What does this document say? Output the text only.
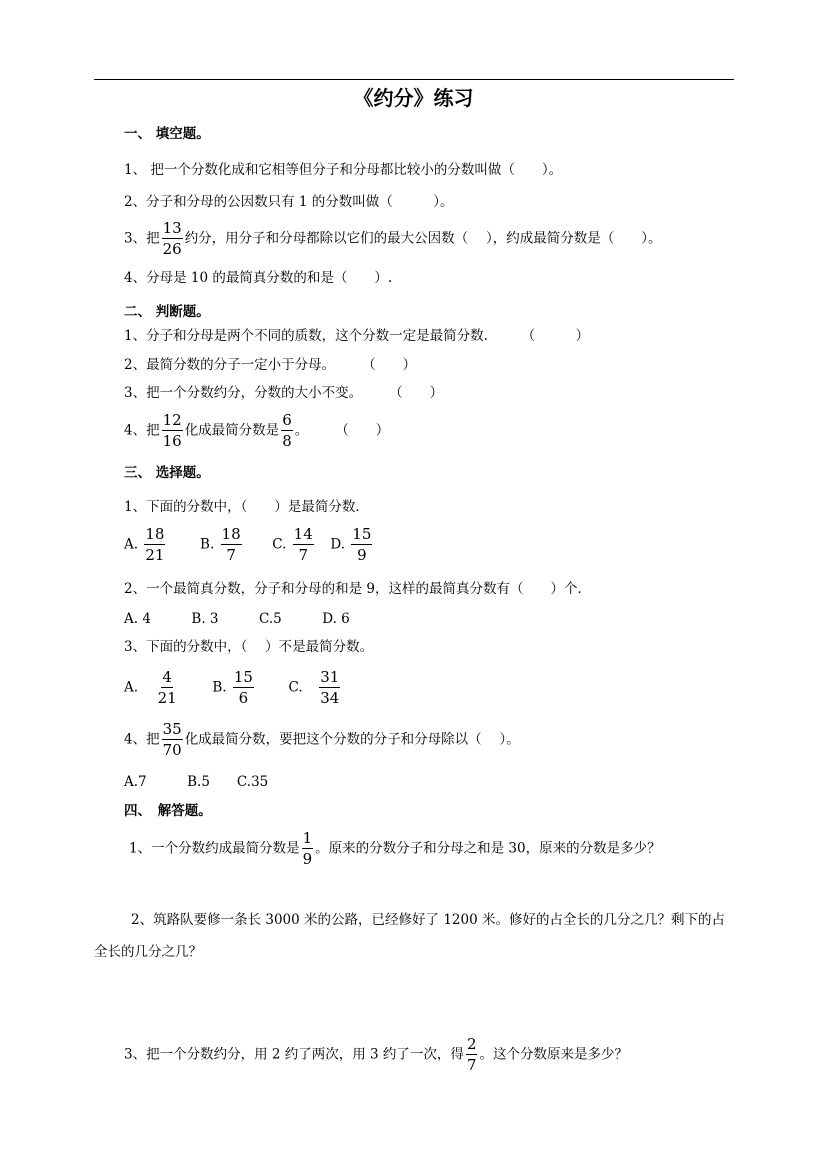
《约分》练习
一、 填空题。
1、 把一个分数化成和它相等但分子和分母都比较小的分数叫做（　　）。
2、分子和分母的公因数只有 1 的分数叫做（　　　）。
3、把 $\frac{13}{26}$ 约分，用分子和分母都除以它们的最大公因数（　 ），约成最简分数是（　　）。
4、分母是 10 的最简真分数的和是（　　）.
二、 判断题。
1、分子和分母是两个不同的质数，这个分数一定是最简分数.　　　（　　　）
2、最简分数的分子一定小于分母。　　　（　　）
3、把一个分数约分，分数的大小不变。　　　（　　）
4、把 $\frac{12}{16}$ 化成最简分数是 $\frac{6}{8}$ 。　　　（　　）
三、 选择题。
1、下面的分数中，（　　）是最简分数．
A. $\frac{18}{21}$	B. $\frac{18}{7} C$. $\frac{14}{7} D$. $\frac{15}{9}$
2、一个最简真分数，分子和分母的和是 9，这样的最简真分数有（　　）个．
A. 4　　　B. 3　　　C.5　　　D. 6
3、下面的分数中，（　 ）不是最简分数。
A. $\frac{4}{21}$	B. $\frac{15}{6}$	C. $\frac{31}{34}$
4、把 $\frac{35}{70}$ 化成最简分数，要把这个分数的分子和分母除以（　 ）。
A.7　　　B.5　　C.35
四、　解答题。
1、一个分数约成最简分数是 $\frac{1}{9}$ 。原来的分数分子和分母之和是 30，原来的分数是多少？
2、筑路队要修一条长 3000 米的公路，已经修好了 1200 米。修好的占全长的几分之几？剩下的占全长的几分之几？
3、把一个分数约分，用 2 约了两次，用 3 约了一次，得 $\frac{2}{7}$ 。这个分数原来是多少？
